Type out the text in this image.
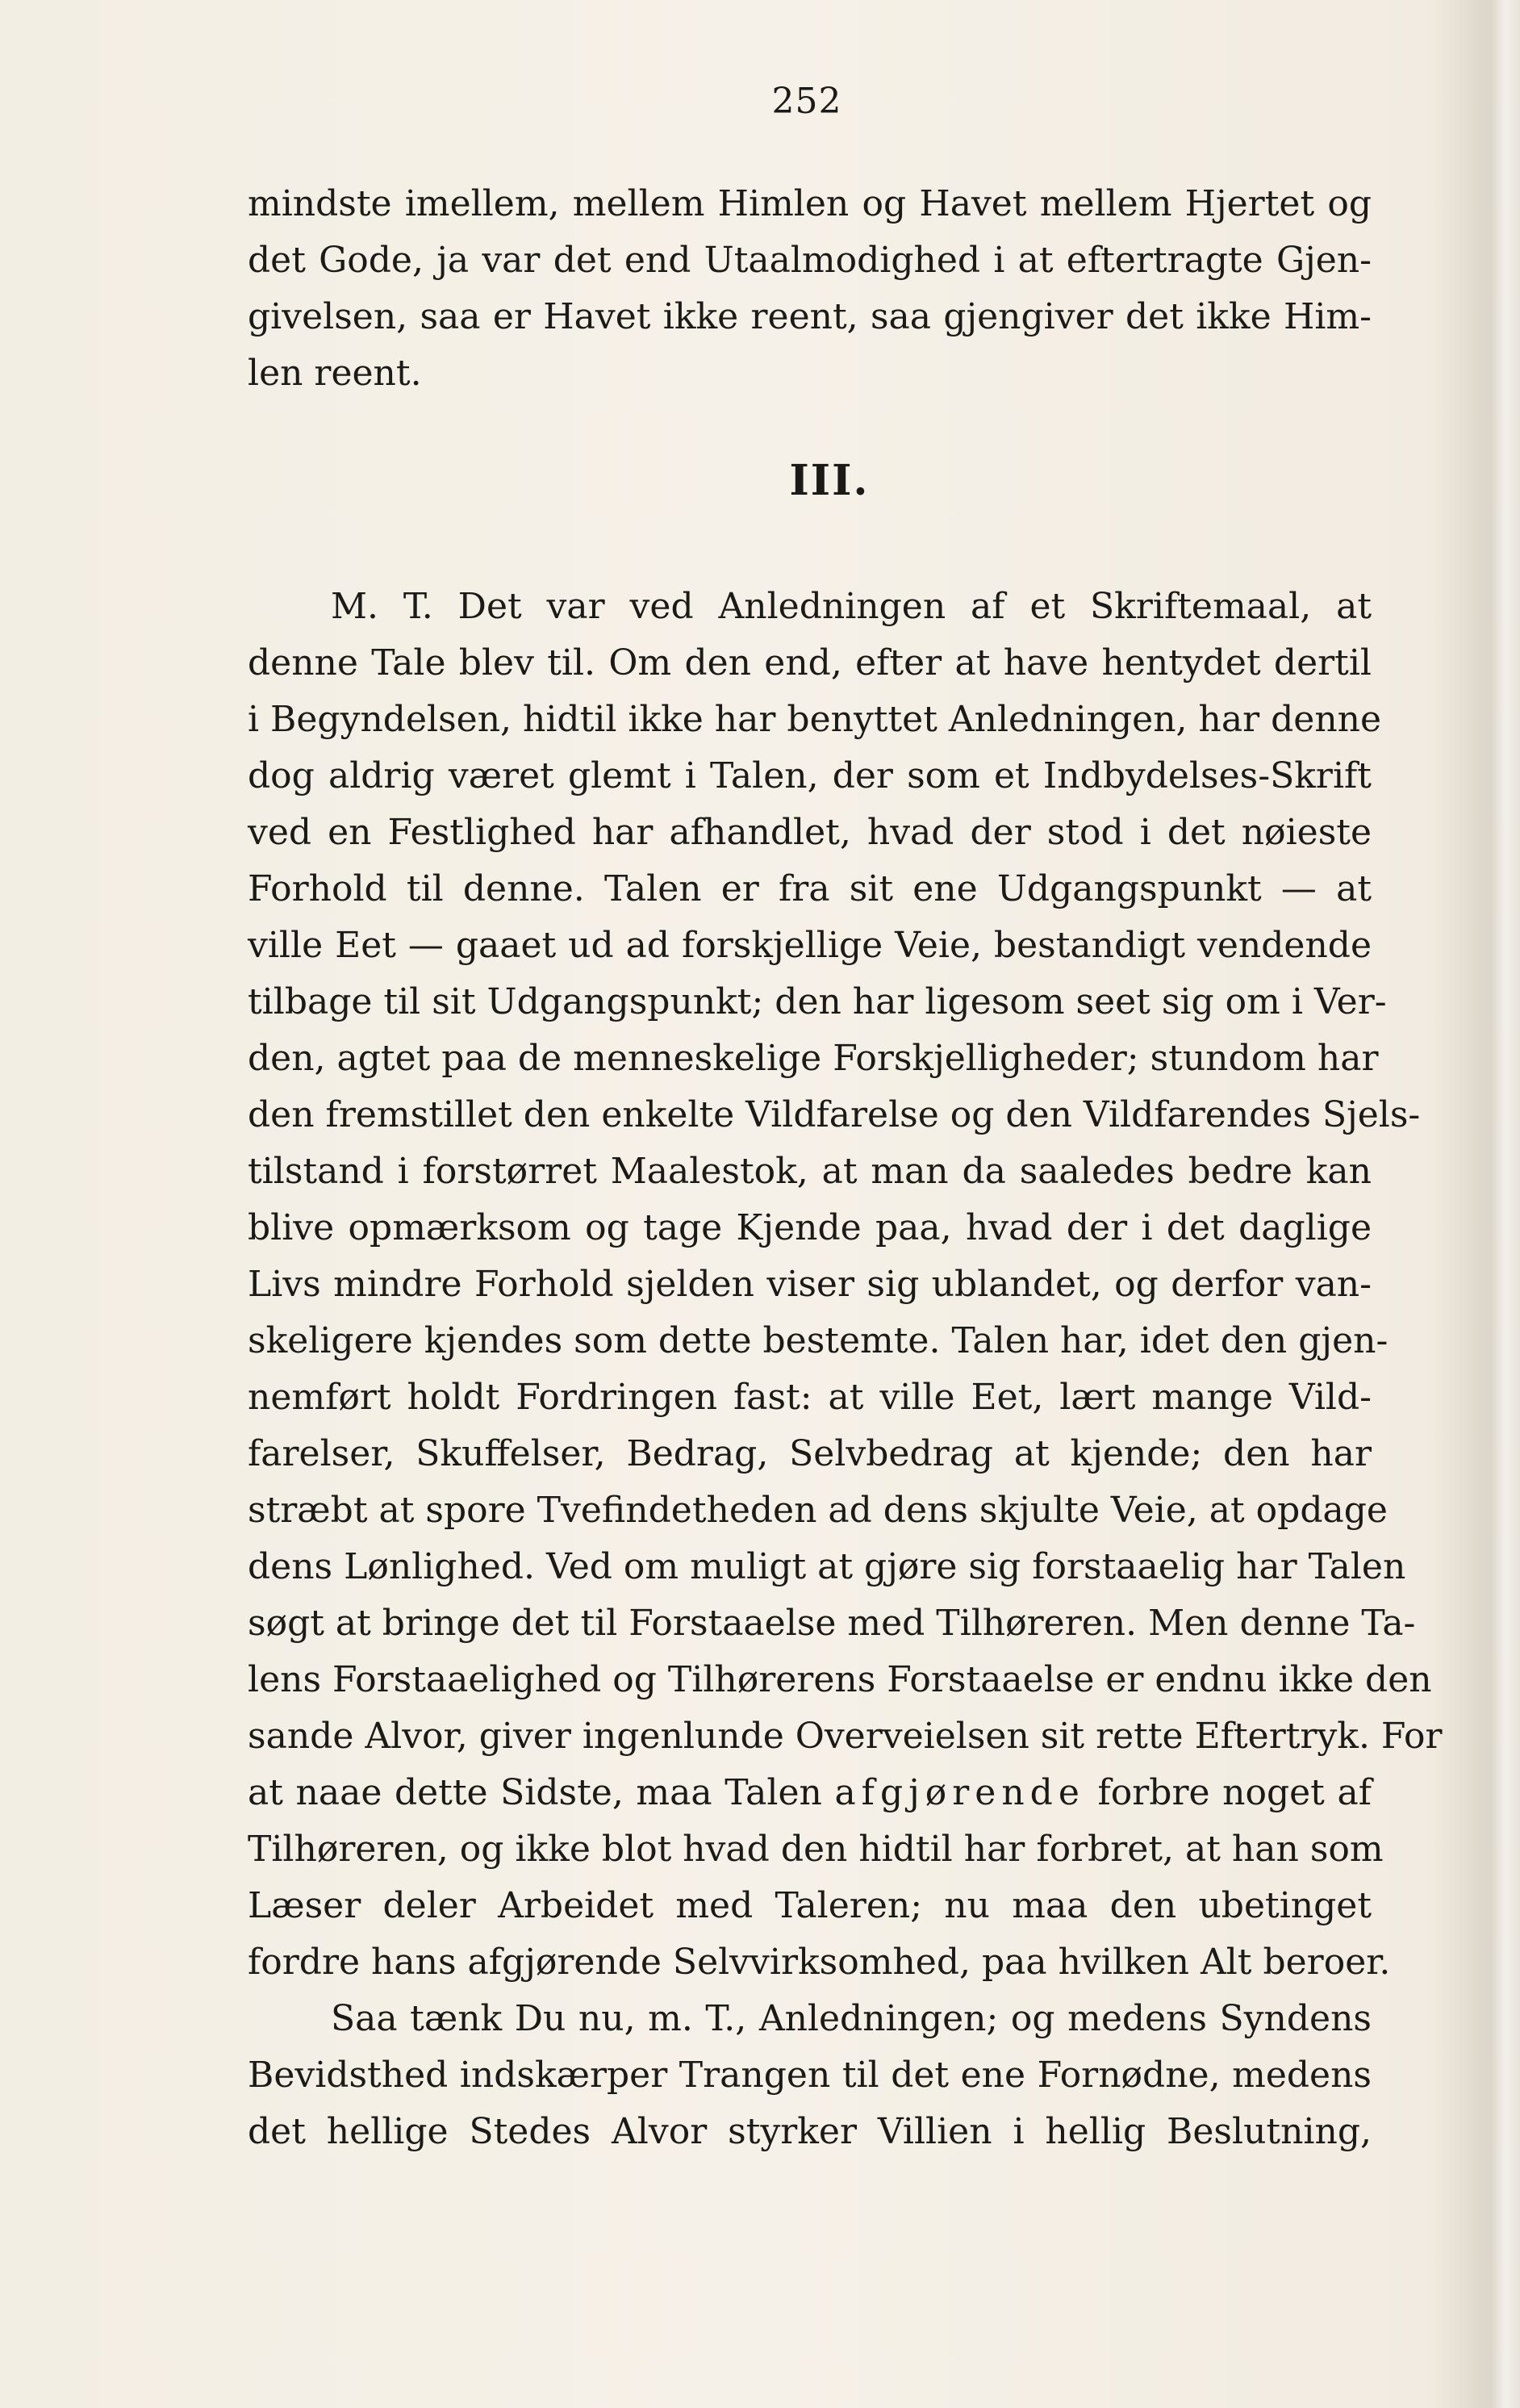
252
mindste imellem, mellem Himlen og Havet mellem Hjertet og
det Gode, ja var det end Utaalmodighed i at eftertragte Gjen-
givelsen, saa er Havet ikke reent, saa gjengiver det ikke Him-
len reent.
III.
M. T. Det var ved Anledningen af et Skriftemaal, at
denne Tale blev til. Om den end, efter at have hentydet dertil
i Begyndelsen, hidtil ikke har benyttet Anledningen, har denne
dog aldrig været glemt i Talen, der som et Indbydelses-Skrift
ved en Festlighed har afhandlet, hvad der stod i det nøieste
Forhold til denne. Talen er fra sit ene Udgangspunkt — at
ville Eet — gaaet ud ad forskjellige Veie, bestandigt vendende
tilbage til sit Udgangspunkt; den har ligesom seet sig om i Ver-
den, agtet paa de menneskelige Forskjelligheder; stundom har
den fremstillet den enkelte Vildfarelse og den Vildfarendes Sjels-
tilstand i forstørret Maalestok, at man da saaledes bedre kan
blive opmærksom og tage Kjende paa, hvad der i det daglige
Livs mindre Forhold sjelden viser sig ublandet, og derfor van-
skeligere kjendes som dette bestemte. Talen har, idet den gjen-
nemført holdt Fordringen fast: at ville Eet, lært mange Vild-
farelser, Skuffelser, Bedrag, Selvbedrag at kjende; den har
stræbt at spore Tvefindetheden ad dens skjulte Veie, at opdage
dens Lønlighed. Ved om muligt at gjøre sig forstaaelig har Talen
søgt at bringe det til Forstaaelse med Tilhøreren. Men denne Ta-
lens Forstaaelighed og Tilhørerens Forstaaelse er endnu ikke den
sande Alvor, giver ingenlunde Overveielsen sit rette Eftertryk. For
at naae dette Sidste, maa Talen afgjørende forbre noget af
Tilhøreren, og ikke blot hvad den hidtil har forbret, at han som
Læser deler Arbeidet med Taleren; nu maa den ubetinget
fordre hans afgjørende Selvvirksomhed, paa hvilken Alt beroer.
Saa tænk Du nu, m. T., Anledningen; og medens Syndens
Bevidsthed indskærper Trangen til det ene Fornødne, medens
det hellige Stedes Alvor styrker Villien i hellig Beslutning,
